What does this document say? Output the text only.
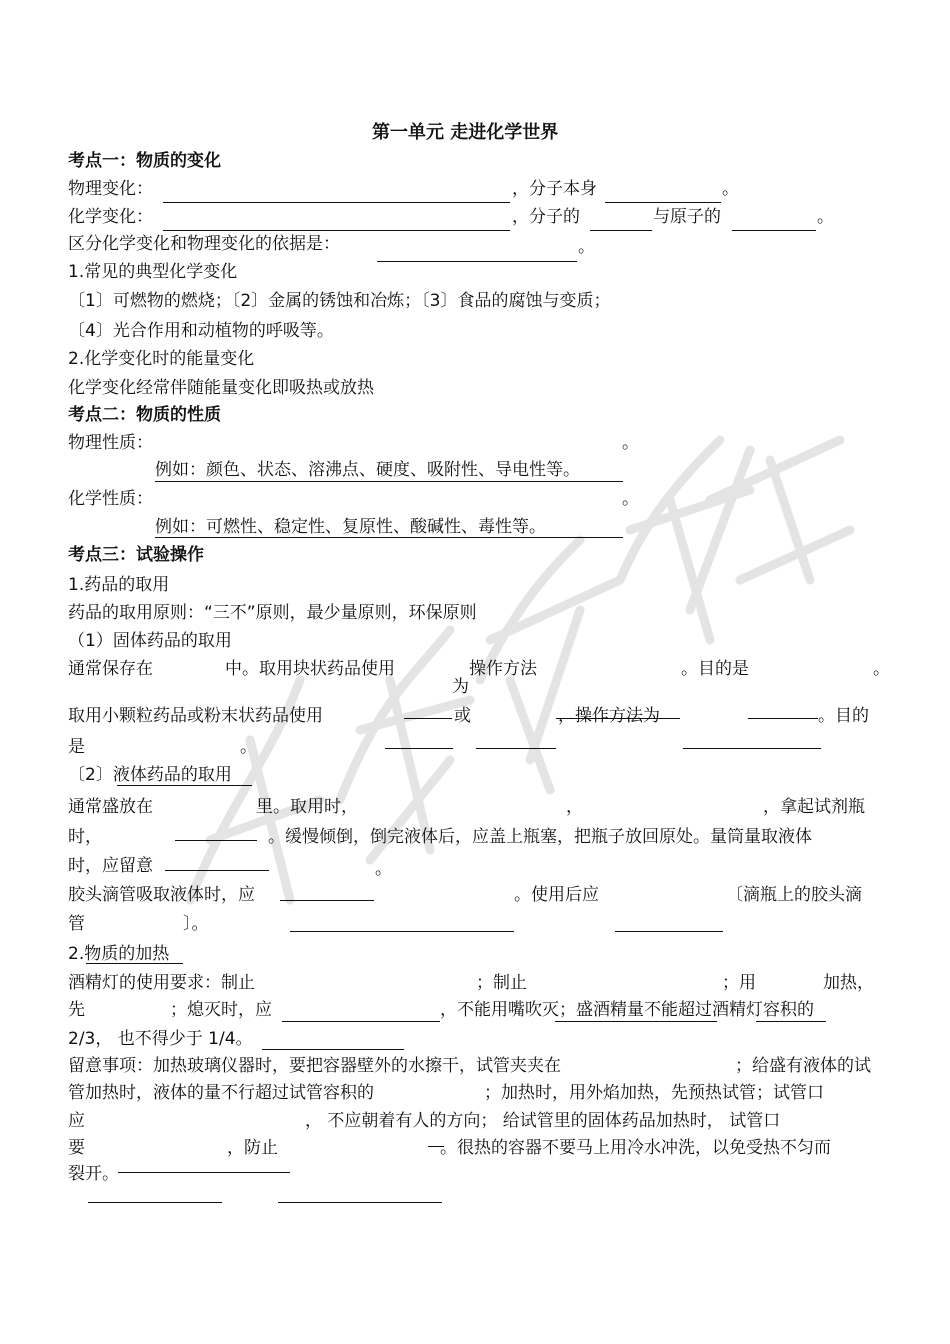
第一单元 走进化学世界
考点一：物质的变化
物理变化：	，分子本身	。
化学变化：	，分子的	与原子的	。
区分化学变化和物理变化的依据是：	。
1.常见的典型化学变化
〔1〕可燃物的燃烧；〔2〕金属的锈蚀和冶炼；〔3〕食品的腐蚀与变质；
〔4〕光合作用和动植物的呼吸等。
2.化学变化时的能量变化
化学变化经常伴随能量变化即吸热或放热
考点二：物质的性质
物理性质：	。
例如：颜色、状态、溶沸点、硬度、吸附性、导电性等。
化学性质：	。
例如：可燃性、稳定性、复原性、酸碱性、毒性等。
考点三：试验操作
1.药品的取用
药品的取用原则：“三不”原则，最少量原则，环保原则
（1）固体药品的取用
通常保存在	中。取用块状药品使用	操作方法
为
。目的是	。
取用小颗粒药品或粉末状药品使用	或	，操作方法为	。目的
是	。
〔2〕液体药品的取用
通常盛放在	里。取用时，	，	，拿起试剂瓶
时，	。缓慢倾倒，倒完液体后，应盖上瓶塞，把瓶子放回原处。量筒量取液体
时，应留意	。
胶头滴管吸取液体时，应	。使用后应	〔滴瓶上的胶头滴
管	〕。
2.物质的加热
酒精灯的使用要求：制止	；制止	；用	加热，
先	；熄灭时，应	，不能用嘴吹灭；盛酒精量不能超过酒精灯容积的
2/3， 也不得少于 1/4。
留意事项：加热玻璃仪器时，要把容器壁外的水擦干，试管夹夹在	；给盛有液体的试
管加热时，液体的量不行超过试管容积的	；加热时，用外焰加热，先预热试管；试管口
应	， 不应朝着有人的方向； 给试管里的固体药品加热时， 试管口
要	，防止	。很热的容器不要马上用冷水冲洗，以免受热不匀而
裂开。
